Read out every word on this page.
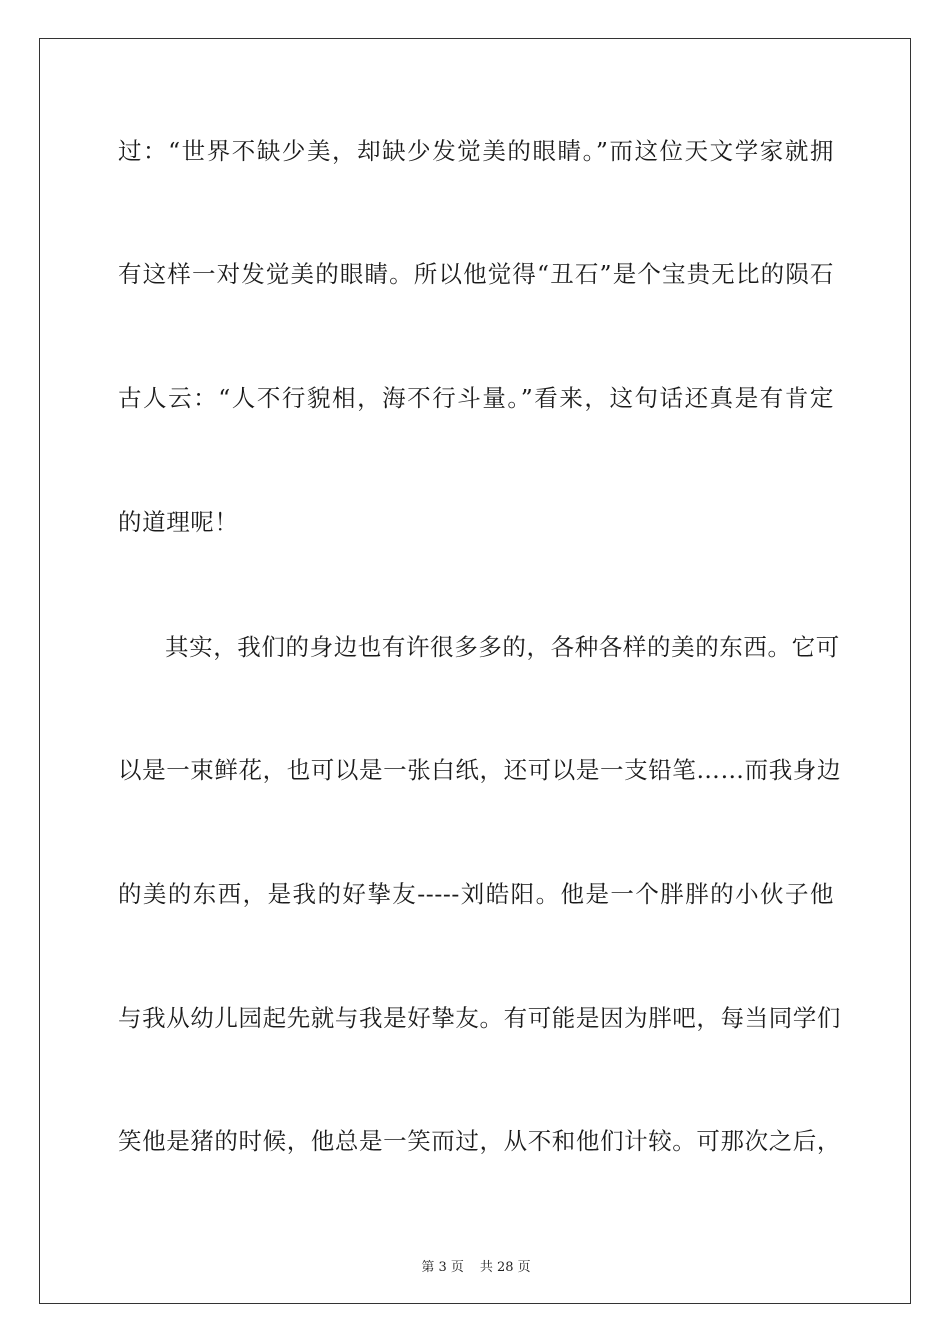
过：“世界不缺少美，却缺少发觉美的眼睛。”而这位天文学家就拥
有这样一对发觉美的眼睛。所以他觉得“丑石”是个宝贵无比的陨石
古人云：“人不行貌相，海不行斗量。”看来，这句话还真是有肯定
的道理呢！
其实，我们的身边也有许很多多的，各种各样的美的东西。它可
以是一束鲜花，也可以是一张白纸，还可以是一支铅笔……而我身边
的美的东西，是我的好挚友-----刘皓阳。他是一个胖胖的小伙子他
与我从幼儿园起先就与我是好挚友。有可能是因为胖吧，每当同学们
笑他是猪的时候，他总是一笑而过，从不和他们计较。可那次之后，
第 3 页 共 28 页
